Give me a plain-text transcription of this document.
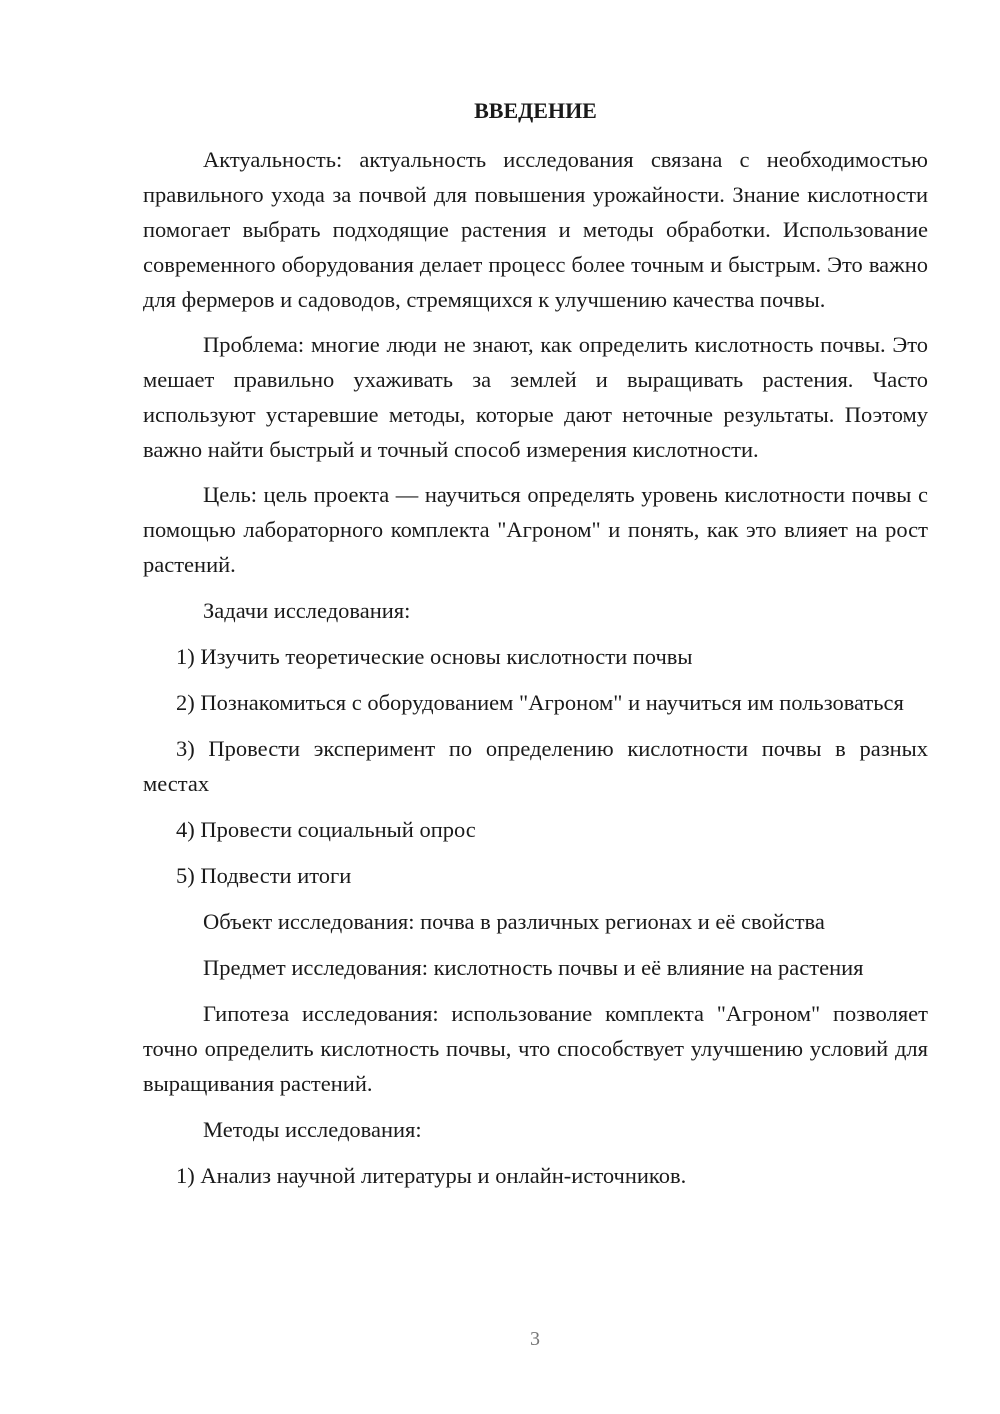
ВВЕДЕНИЕ

Актуальность: актуальность исследования связана с необходимостью правильного ухода за почвой для повышения урожайности. Знание кислотности помогает выбрать подходящие растения и методы обработки. Использование современного оборудования делает процесс более точным и быстрым. Это важно для фермеров и садоводов, стремящихся к улучшению качества почвы.

Проблема: многие люди не знают, как определить кислотность почвы. Это мешает правильно ухаживать за землей и выращивать растения. Часто используют устаревшие методы, которые дают неточные результаты. Поэтому важно найти быстрый и точный способ измерения кислотности.

Цель: цель проекта — научиться определять уровень кислотности почвы с помощью лабораторного комплекта "Агроном" и понять, как это влияет на рост растений.

Задачи исследования:

1) Изучить теоретические основы кислотности почвы

2) Познакомиться с оборудованием "Агроном" и научиться им пользоваться

3) Провести эксперимент по определению кислотности почвы в разных местах

4) Провести социальный опрос

5) Подвести итоги

Объект исследования: почва в различных регионах и её свойства

Предмет исследования: кислотность почвы и её влияние на растения

Гипотеза исследования: использование комплекта "Агроном" позволяет точно определить кислотность почвы, что способствует улучшению условий для выращивания растений.

Методы исследования:

1) Анализ научной литературы и онлайн-источников.

3
